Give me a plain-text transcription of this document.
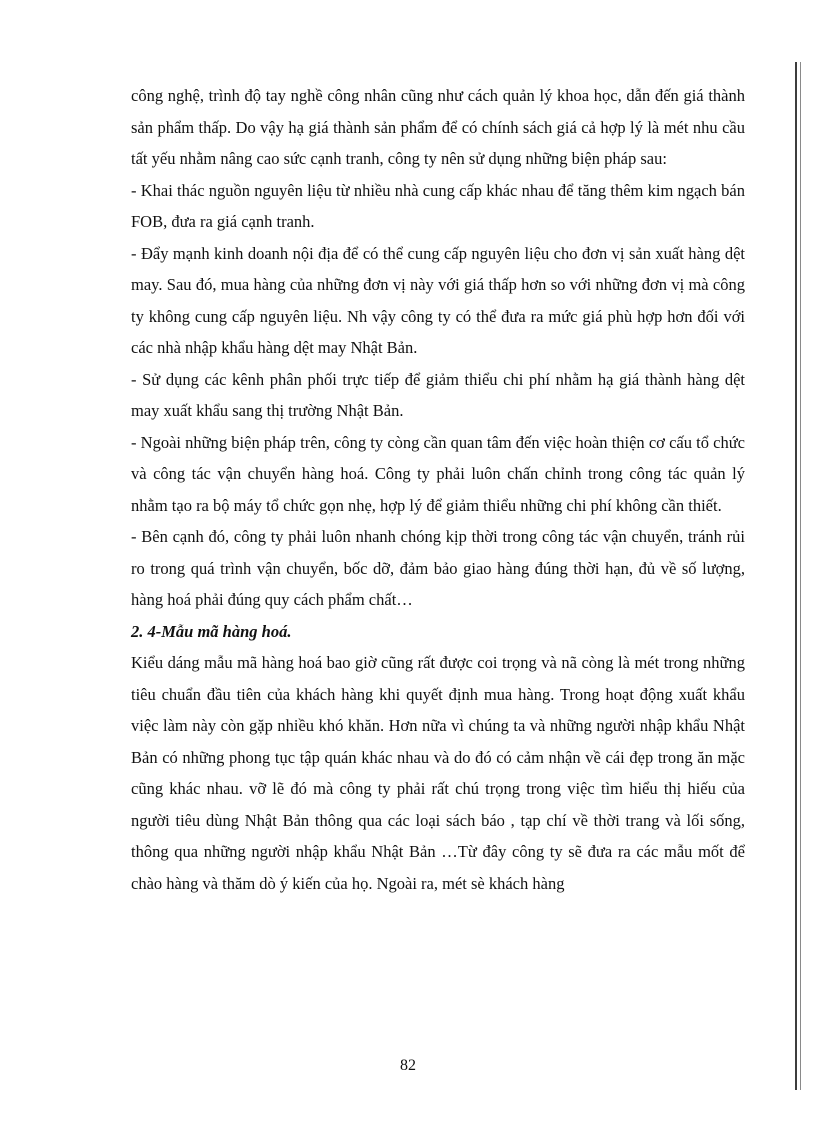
công nghệ, trình độ tay nghề công nhân cũng như cách quản lý khoa học, dẫn đến giá thành sản phẩm thấp. Do vậy hạ giá thành sản phẩm để có chính sách giá cả hợp lý là mét nhu cầu tất yếu nhằm nâng cao sức cạnh tranh, công ty nên sử dụng những biện pháp sau:

- Khai thác nguồn nguyên liệu từ nhiều nhà cung cấp khác nhau để tăng thêm kim ngạch bán FOB, đưa ra giá cạnh tranh.

- Đẩy mạnh kinh doanh nội địa để có thể cung cấp nguyên liệu cho đơn vị sản xuất hàng dệt may. Sau đó, mua hàng của những đơn vị này với giá thấp hơn so với những đơn vị mà công ty không cung cấp nguyên liệu. Nh vậy công ty có thể đưa ra mức giá phù hợp hơn đối với các nhà nhập khẩu hàng dệt may Nhật Bản.

- Sử dụng các kênh phân phối trực tiếp để giảm thiểu chi phí nhằm hạ giá thành hàng dệt may xuất khẩu sang thị trường Nhật Bản.

- Ngoài những biện pháp trên, công ty còng cần quan tâm đến việc hoàn thiện cơ cấu tổ chức và công tác vận chuyển hàng hoá. Công ty phải luôn chấn chỉnh trong công tác quản lý nhằm tạo ra bộ máy tổ chức gọn nhẹ, hợp lý để giảm thiểu những chi phí không cần thiết.

- Bên cạnh đó, công ty phải luôn nhanh chóng kịp thời trong công tác vận chuyển, tránh rủi ro trong quá trình vận chuyển, bốc dỡ, đảm bảo giao hàng đúng thời hạn, đủ về số lượng, hàng hoá phải đúng quy cách phẩm chất…

2. 4-Mẫu mã hàng hoá.

Kiểu dáng mẫu mã hàng hoá bao giờ cũng rất được coi trọng và nã còng là mét trong những tiêu chuẩn đầu tiên của khách hàng khi quyết định mua hàng. Trong hoạt động xuất khẩu việc làm này còn gặp nhiều khó khăn. Hơn nữa vì chúng ta và những người nhập khẩu Nhật Bản có những phong tục tập quán khác nhau và do đó có cảm nhận về cái đẹp trong ăn mặc cũng khác nhau. vỡ lẽ đó mà công ty phải rất chú trọng trong việc tìm hiểu thị hiếu của người tiêu dùng Nhật Bản thông qua các loại sách báo , tạp chí về thời trang và lối sống, thông qua những người nhập khẩu Nhật Bản …Từ đây công ty sẽ đưa ra các mẫu mốt để chào hàng và thăm dò ý kiến của họ. Ngoài ra, mét sè khách hàng

82
